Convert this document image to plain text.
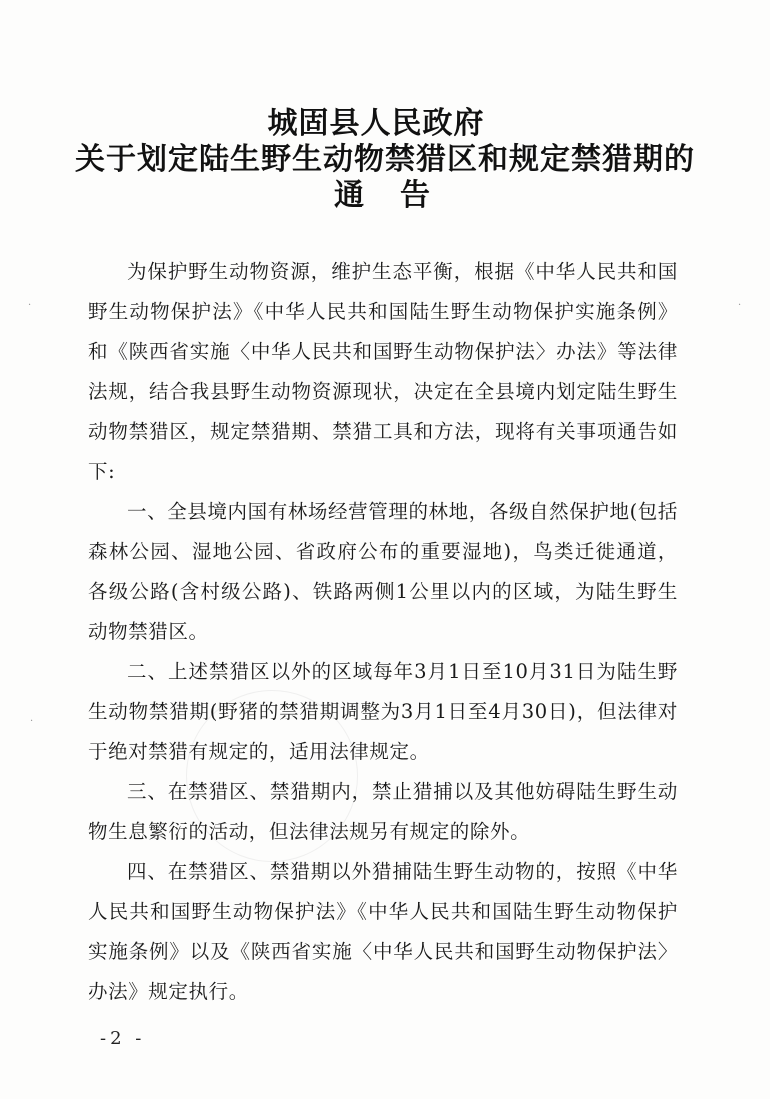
城固县人民政府
关于划定陆生野生动物禁猎区和规定禁猎期的
通告

为保护野生动物资源，维护生态平衡，根据《中华人民共和国野生动物保护法》《中华人民共和国陆生野生动物保护实施条例》和《陕西省实施〈中华人民共和国野生动物保护法〉办法》等法律法规，结合我县野生动物资源现状，决定在全县境内划定陆生野生动物禁猎区，规定禁猎期、禁猎工具和方法，现将有关事项通告如下:

一、全县境内国有林场经营管理的林地，各级自然保护地(包括森林公园、湿地公园、省政府公布的重要湿地)，鸟类迁徙通道，各级公路(含村级公路)、铁路两侧1公里以内的区域，为陆生野生动物禁猎区。

二、上述禁猎区以外的区域每年3月1日至10月31日为陆生野生动物禁猎期(野猪的禁猎期调整为3月1日至4月30日)，但法律对于绝对禁猎有规定的，适用法律规定。

三、在禁猎区、禁猎期内，禁止猎捕以及其他妨碍陆生野生动物生息繁衍的活动，但法律法规另有规定的除外。

四、在禁猎区、禁猎期以外猎捕陆生野生动物的，按照《中华人民共和国野生动物保护法》《中华人民共和国陆生野生动物保护实施条例》以及《陕西省实施〈中华人民共和国野生动物保护法〉办法》规定执行。

-2 -
·	·
·
